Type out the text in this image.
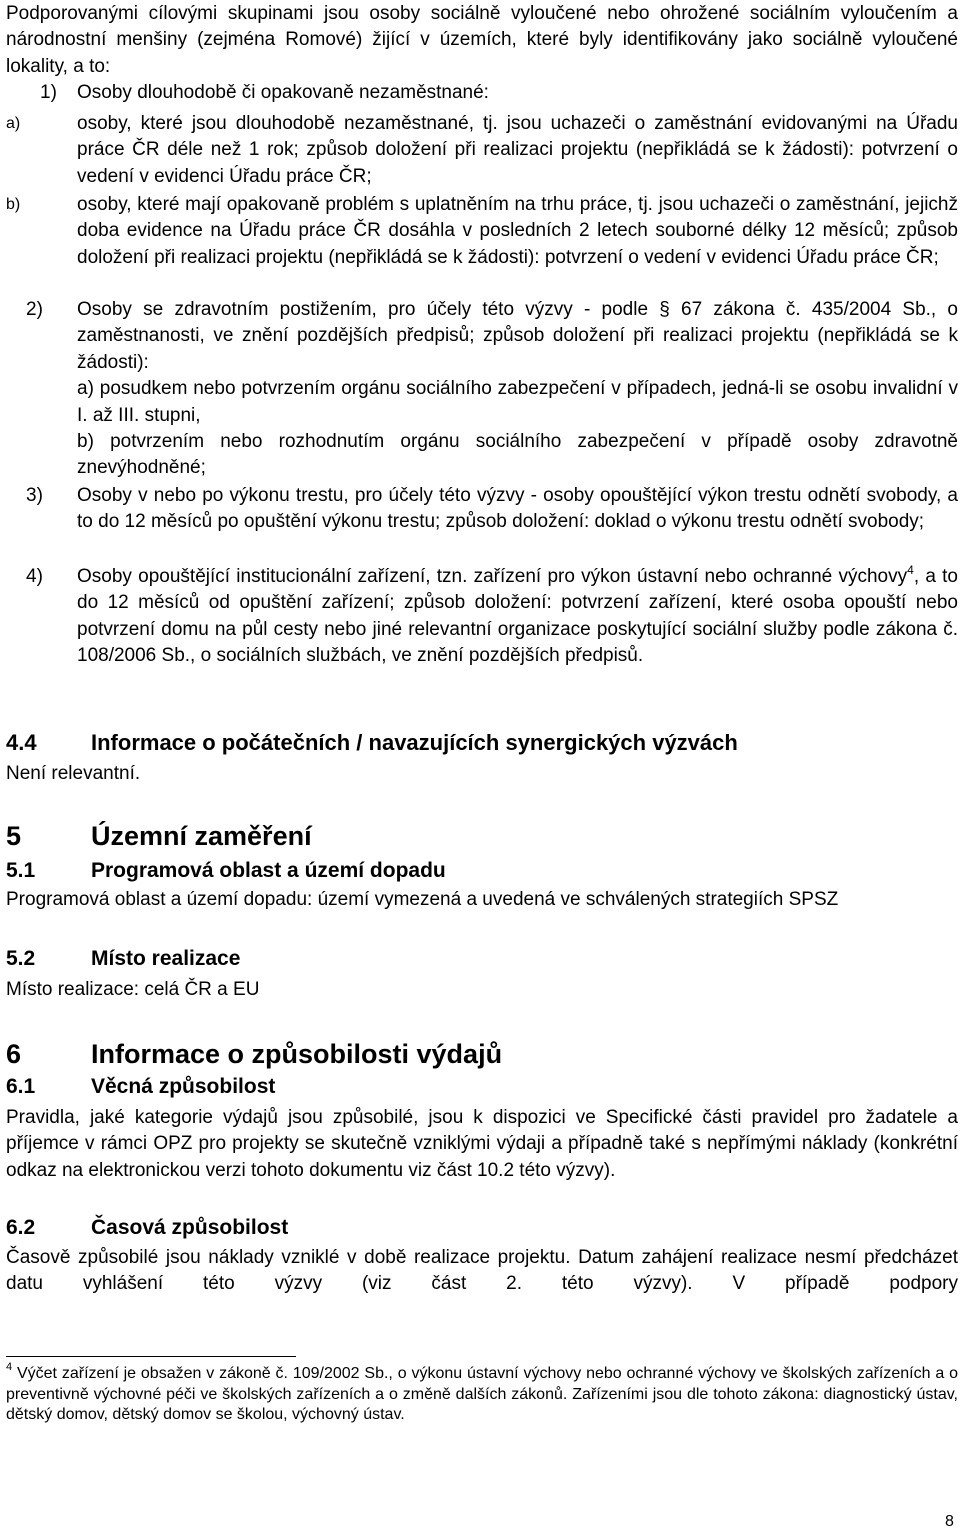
Podporovanými cílovými skupinami jsou osoby sociálně vyloučené nebo ohrožené sociálním vyloučením a národnostní menšiny (zejména Romové) žijící v územích, které byly identifikovány jako sociálně vyloučené lokality, a to:

1) Osoby dlouhodobě či opakovaně nezaměstnané:

a)	osoby, které jsou dlouhodobě nezaměstnané, tj. jsou uchazeči o zaměstnání evidovanými na Úřadu práce ČR déle než 1 rok; způsob doložení při realizaci projektu (nepřikládá se k žádosti): potvrzení o vedení v evidenci Úřadu práce ČR;

b)	osoby, které mají opakovaně problém s uplatněním na trhu práce, tj. jsou uchazeči o zaměstnání, jejichž doba evidence na Úřadu práce ČR dosáhla v posledních 2 letech souborné délky 12 měsíců; způsob doložení při realizaci projektu (nepřikládá se k žádosti): potvrzení o vedení v evidenci Úřadu práce ČR;

2) Osoby se zdravotním postižením, pro účely této výzvy - podle § 67 zákona č. 435/2004 Sb., o zaměstnanosti, ve znění pozdějších předpisů; způsob doložení při realizaci projektu (nepřikládá se k žádosti):

a) posudkem nebo potvrzením orgánu sociálního zabezpečení v případech, jedná-li se osobu invalidní v I. až III. stupni,

b) potvrzením nebo rozhodnutím orgánu sociálního zabezpečení v případě osoby zdravotně znevýhodněné;

3) Osoby v nebo po výkonu trestu, pro účely této výzvy - osoby opouštějící výkon trestu odnětí svobody, a to do 12 měsíců po opuštění výkonu trestu; způsob doložení: doklad o výkonu trestu odnětí svobody;

4) Osoby opouštějící institucionální zařízení, tzn. zařízení pro výkon ústavní nebo ochranné výchovy$^4$, a to do 12 měsíců od opuštění zařízení; způsob doložení: potvrzení zařízení, které osoba opouští nebo potvrzení domu na půl cesty nebo jiné relevantní organizace poskytující sociální služby podle zákona č. 108/2006 Sb., o sociálních službách, ve znění pozdějších předpisů.

4.4 Informace o počátečních / navazujících synergických výzvách

Není relevantní.

5	Územní zaměření

5.1	Programová oblast a území dopadu

Programová oblast a území dopadu: území vymezená a uvedená ve schválených strategiích SPSZ

5.2	Místo realizace

Místo realizace: celá ČR a EU

6	Informace o způsobilosti výdajů

6.1	Věcná způsobilost

Pravidla, jaké kategorie výdajů jsou způsobilé, jsou k dispozici ve Specifické části pravidel pro žadatele a příjemce v rámci OPZ pro projekty se skutečně vzniklými výdaji a případně také s nepřímými náklady (konkrétní odkaz na elektronickou verzi tohoto dokumentu viz část 10.2 této výzvy).

6.2	Časová způsobilost

Časově způsobilé jsou náklady vzniklé v době realizace projektu. Datum zahájení realizace nesmí předcházet datu vyhlášení této výzvy (viz část 2. této výzvy). V případě podpory

$^4$ Výčet zařízení je obsažen v zákoně č. 109/2002 Sb., o výkonu ústavní výchovy nebo ochranné výchovy ve školských zařízeních a o preventivně výchovné péči ve školských zařízeních a o změně dalších zákonů. Zařízeními jsou dle tohoto zákona: diagnostický ústav, dětský domov, dětský domov se školou, výchovný ústav.

8
